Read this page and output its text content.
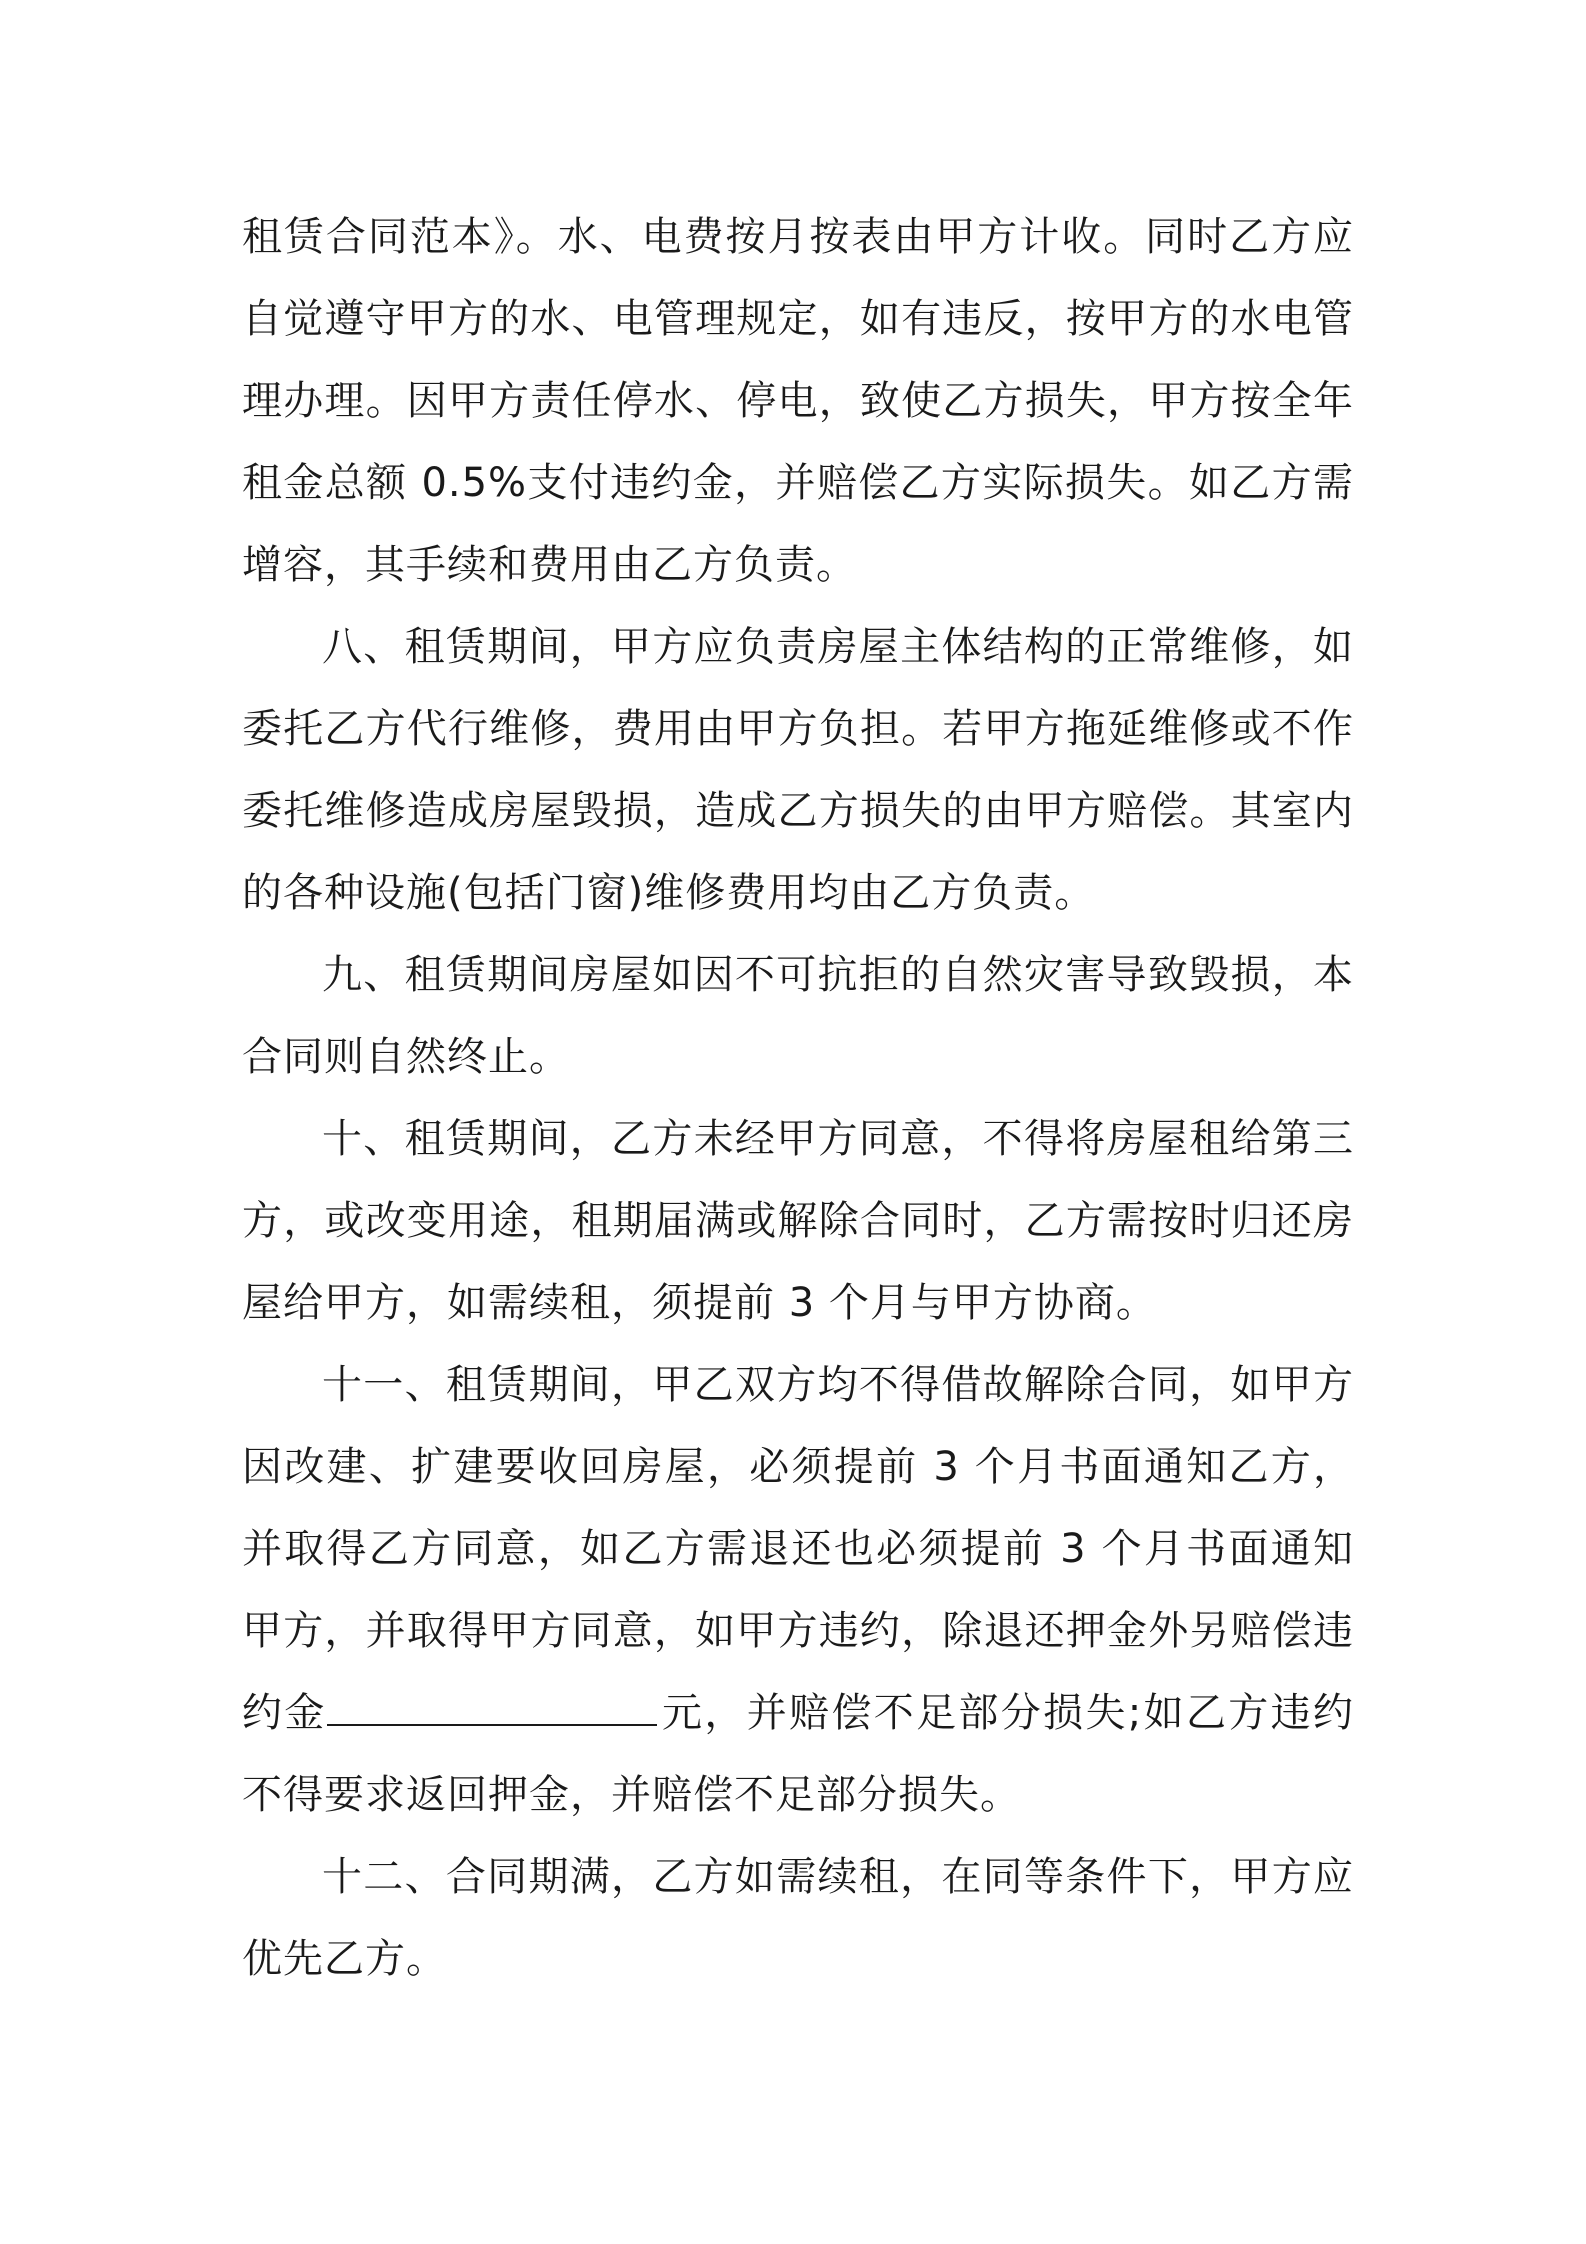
租赁合同范本》。水、电费按月按表由甲方计收。同时乙方应自觉遵守甲方的水、电管理规定，如有违反，按甲方的水电管理办理。因甲方责任停水、停电，致使乙方损失，甲方按全年租金总额 0.5%支付违约金，并赔偿乙方实际损失。如乙方需增容，其手续和费用由乙方负责。

八、租赁期间，甲方应负责房屋主体结构的正常维修，如委托乙方代行维修，费用由甲方负担。若甲方拖延维修或不作委托维修造成房屋毁损，造成乙方损失的由甲方赔偿。其室内的各种设施(包括门窗)维修费用均由乙方负责。

九、租赁期间房屋如因不可抗拒的自然灾害导致毁损，本合同则自然终止。

十、租赁期间，乙方未经甲方同意，不得将房屋租给第三方，或改变用途，租期届满或解除合同时，乙方需按时归还房屋给甲方，如需续租，须提前 3 个月与甲方协商。

十一、租赁期间，甲乙双方均不得借故解除合同，如甲方因改建、扩建要收回房屋，必须提前 3 个月书面通知乙方，并取得乙方同意，如乙方需退还也必须提前 3 个月书面通知甲方，并取得甲方同意，如甲方违约，除退还押金外另赔偿违约金	元，并赔偿不足部分损失;如乙方违约不得要求返回押金，并赔偿不足部分损失。

十二、合同期满，乙方如需续租，在同等条件下，甲方应优先乙方。
